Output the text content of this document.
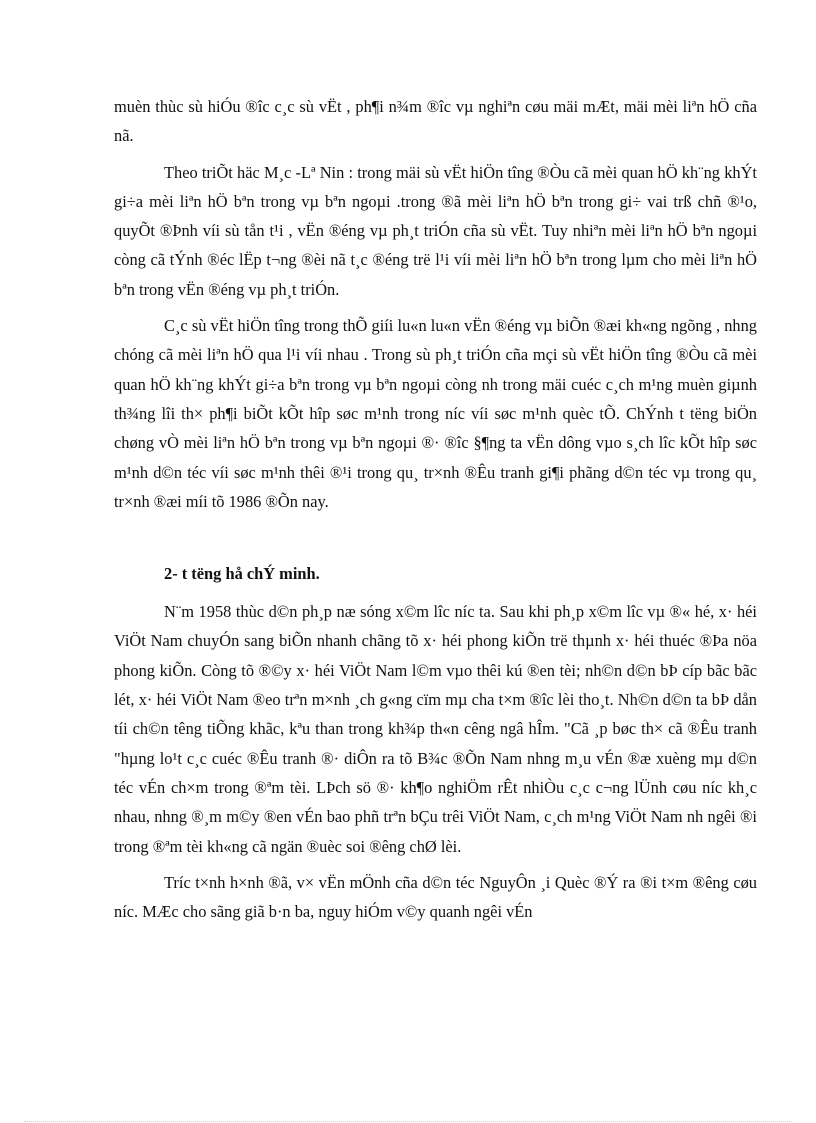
muèn thùc sù hiÓu ®îc c¸c sù vËt , ph¶i n¾m ®îc vµ nghiªn cøu mäi mÆt, mäi mèi liªn hÖ cña nã.

Theo triÕt häc M¸c -Lª Nin : trong mäi sù vËt hiÖn tîng ®Òu cã mèi quan hÖ kh¨ng khÝt gi÷a mèi liªn hÖ bªn trong vµ bªn ngoµi .trong ®ã mèi liªn hÖ bªn trong gi÷ vai trß chñ ®¹o, quyÕt ®Þnh víi sù tån t¹i , vËn ®éng vµ ph¸t triÓn cña sù vËt. Tuy nhiªn mèi liªn hÖ bªn ngoµi còng cã tÝnh ®éc lËp t¬ng ®èi nã t¸c ®éng trë l¹i víi mèi liªn hÖ bªn trong lµm cho mèi liªn hÖ bªn trong vËn ®éng vµ ph¸t triÓn.

C¸c sù vËt hiÖn tîng trong thÕ giíi lu«n lu«n vËn ®éng vµ biÕn ®æi kh«ng ngõng , nhng chóng cã mèi liªn hÖ qua l¹i víi nhau . Trong sù ph¸t triÓn cña mçi sù vËt hiÖn tîng ®Òu cã mèi quan hÖ kh¨ng khÝt gi÷a bªn trong vµ bªn ngoµi còng nh trong mäi cuéc c¸ch m¹ng muèn giµnh th¾ng lîi th× ph¶i biÕt kÕt hîp søc m¹nh trong níc víi søc m¹nh quèc tÕ. ChÝnh t tëng biÖn chøng vÒ mèi liªn hÖ bªn trong vµ bªn ngoµi ®· ®îc §¶ng ta vËn dông vµo s¸ch lîc kÕt hîp søc m¹nh d©n téc víi søc m¹nh thêi ®¹i trong qu¸ tr×nh ®Êu tranh gi¶i phãng d©n téc vµ trong qu¸ tr×nh ®æi míi tõ 1986 ®Õn nay.

2- t tëng hå chÝ minh.

N¨m 1958 thùc d©n ph¸p næ sóng x©m lîc níc ta. Sau khi ph¸p x©m lîc vµ ®« hé, x· héi ViÖt Nam chuyÓn sang biÕn nhanh chãng tõ x· héi phong kiÕn trë thµnh x· héi thuéc ®Þa nöa phong kiÕn. Còng tõ ®©y x· héi ViÖt Nam l©m vµo thêi kú ®en tèi; nh©n d©n bÞ cíp bãc bãc lét, x· héi ViÖt Nam ®eo trªn m×nh ¸ch g«ng cïm mµ cha t×m ®îc lèi tho¸t. Nh©n d©n ta bÞ dån tíi ch©n têng tiÕng khãc, kªu than trong kh¾p th«n cêng ngâ hÎm. "Cã ¸p bøc th× cã ®Êu tranh "hµng lo¹t c¸c cuéc ®Êu tranh ®· diÔn ra tõ B¾c ®Õn Nam nhng m¸u vÉn ®æ xuèng mµ d©n téc vÉn ch×m trong ®ªm tèi. LÞch sö ®· kh¶o nghiÖm rÊt nhiÒu c¸c c¬ng lÜnh cøu níc kh¸c nhau, nhng ®¸m m©y ®en vÉn bao phñ trªn bÇu trêi ViÖt Nam, c¸ch m¹ng ViÖt Nam nh ngêi ®i trong ®ªm tèi kh«ng cã ngän ®uèc soi ®êng chØ lèi.

Tríc t×nh h×nh ®ã, v× vËn mÖnh cña d©n téc NguyÔn ¸i Quèc ®Ý ra ®i t×m ®êng cøu níc. MÆc cho sãng giã b·n ba, nguy hiÓm v©y quanh ngêi vÉn
